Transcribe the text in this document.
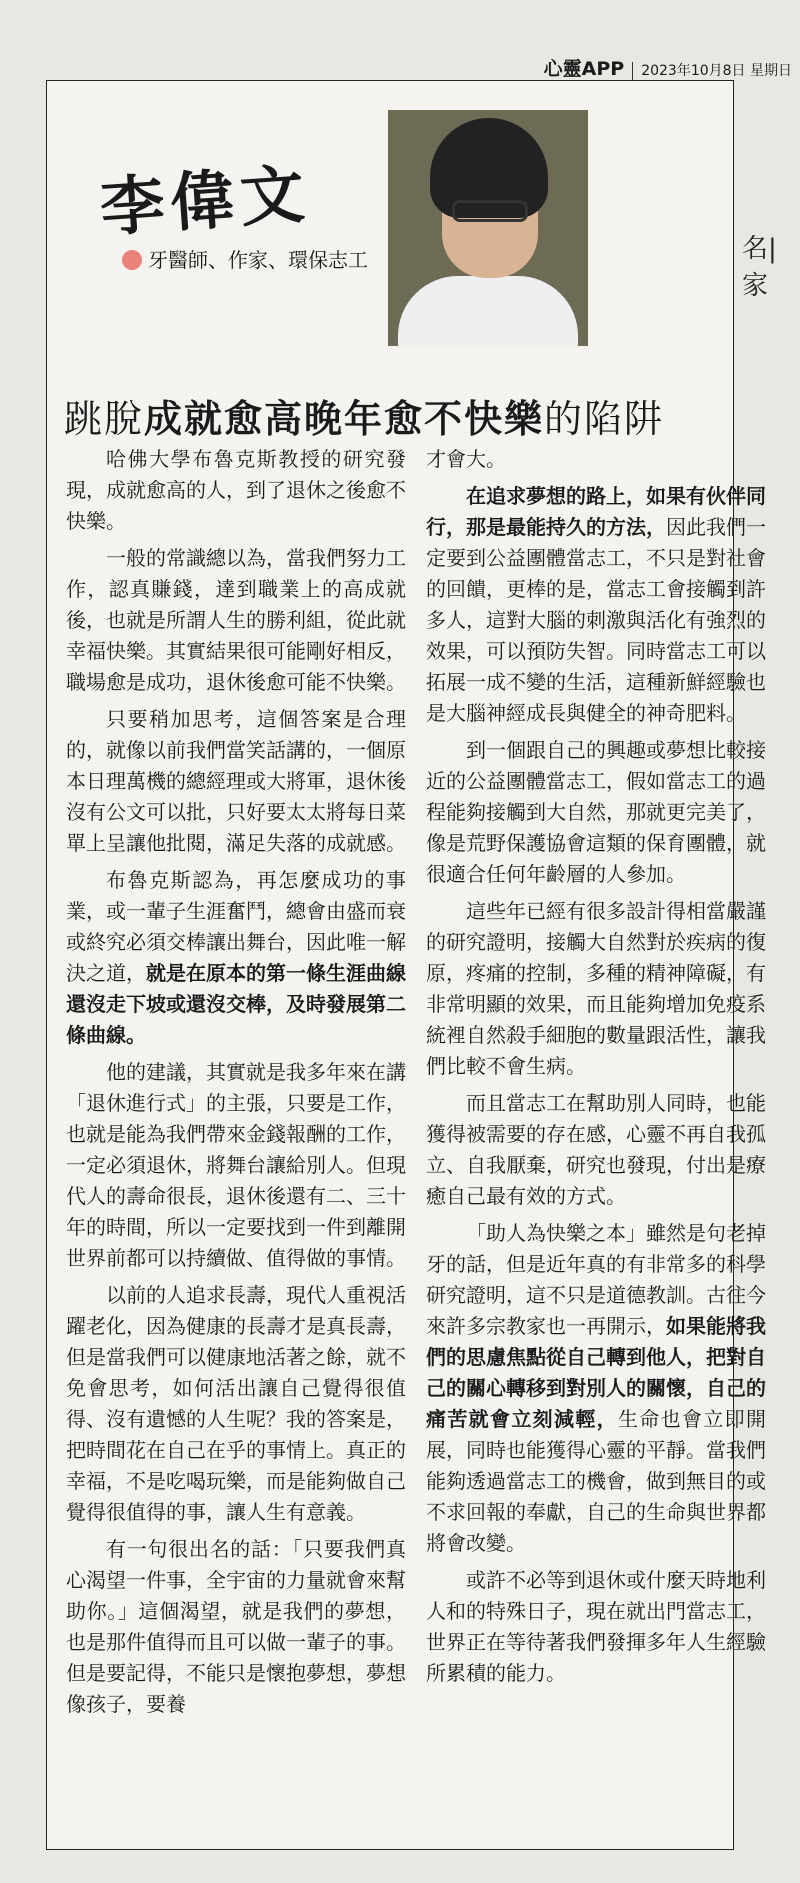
心靈APP 2023年10月8日 星期日
名|家
李偉文
牙醫師、作家、環保志工
跳脫成就愈高晚年愈不快樂的陷阱

哈佛大學布魯克斯教授的研究發現，成就愈高的人，到了退休之後愈不快樂。

一般的常識總以為，當我們努力工作，認真賺錢，達到職業上的高成就後，也就是所謂人生的勝利組，從此就幸福快樂。其實結果很可能剛好相反，職場愈是成功，退休後愈可能不快樂。

只要稍加思考，這個答案是合理的，就像以前我們當笑話講的，一個原本日理萬機的總經理或大將軍，退休後沒有公文可以批，只好要太太將每日菜單上呈讓他批閱，滿足失落的成就感。

布魯克斯認為，再怎麼成功的事業，或一輩子生涯奮鬥，總會由盛而衰或終究必須交棒讓出舞台，因此唯一解決之道，就是在原本的第一條生涯曲線還沒走下坡或還沒交棒，及時發展第二條曲線。

他的建議，其實就是我多年來在講「退休進行式」的主張，只要是工作，也就是能為我們帶來金錢報酬的工作，一定必須退休，將舞台讓給別人。但現代人的壽命很長，退休後還有二、三十年的時間，所以一定要找到一件到離開世界前都可以持續做、值得做的事情。

以前的人追求長壽，現代人重視活躍老化，因為健康的長壽才是真長壽，但是當我們可以健康地活著之餘，就不免會思考，如何活出讓自己覺得很值得、沒有遺憾的人生呢？我的答案是，把時間花在自己在乎的事情上。真正的幸福，不是吃喝玩樂，而是能夠做自己覺得很值得的事，讓人生有意義。

有一句很出名的話：「只要我們真心渴望一件事，全宇宙的力量就會來幫助你。」這個渴望，就是我們的夢想，也是那件值得而且可以做一輩子的事。但是要記得，不能只是懷抱夢想，夢想像孩子，要養

才會大。

在追求夢想的路上，如果有伙伴同行，那是最能持久的方法，因此我們一定要到公益團體當志工，不只是對社會的回饋，更棒的是，當志工會接觸到許多人，這對大腦的刺激與活化有強烈的效果，可以預防失智。同時當志工可以拓展一成不變的生活，這種新鮮經驗也是大腦神經成長與健全的神奇肥料。

到一個跟自己的興趣或夢想比較接近的公益團體當志工，假如當志工的過程能夠接觸到大自然，那就更完美了，像是荒野保護協會這類的保育團體，就很適合任何年齡層的人參加。

這些年已經有很多設計得相當嚴謹的研究證明，接觸大自然對於疾病的復原，疼痛的控制，多種的精神障礙，有非常明顯的效果，而且能夠增加免疫系統裡自然殺手細胞的數量跟活性，讓我們比較不會生病。

而且當志工在幫助別人同時，也能獲得被需要的存在感，心靈不再自我孤立、自我厭棄，研究也發現，付出是療癒自己最有效的方式。

「助人為快樂之本」雖然是句老掉牙的話，但是近年真的有非常多的科學研究證明，這不只是道德教訓。古往今來許多宗教家也一再開示，如果能將我們的思慮焦點從自己轉到他人，把對自己的關心轉移到對別人的關懷，自己的痛苦就會立刻減輕，生命也會立即開展，同時也能獲得心靈的平靜。當我們能夠透過當志工的機會，做到無目的或不求回報的奉獻，自己的生命與世界都將會改變。

或許不必等到退休或什麼天時地利人和的特殊日子，現在就出門當志工，世界正在等待著我們發揮多年人生經驗所累積的能力。
